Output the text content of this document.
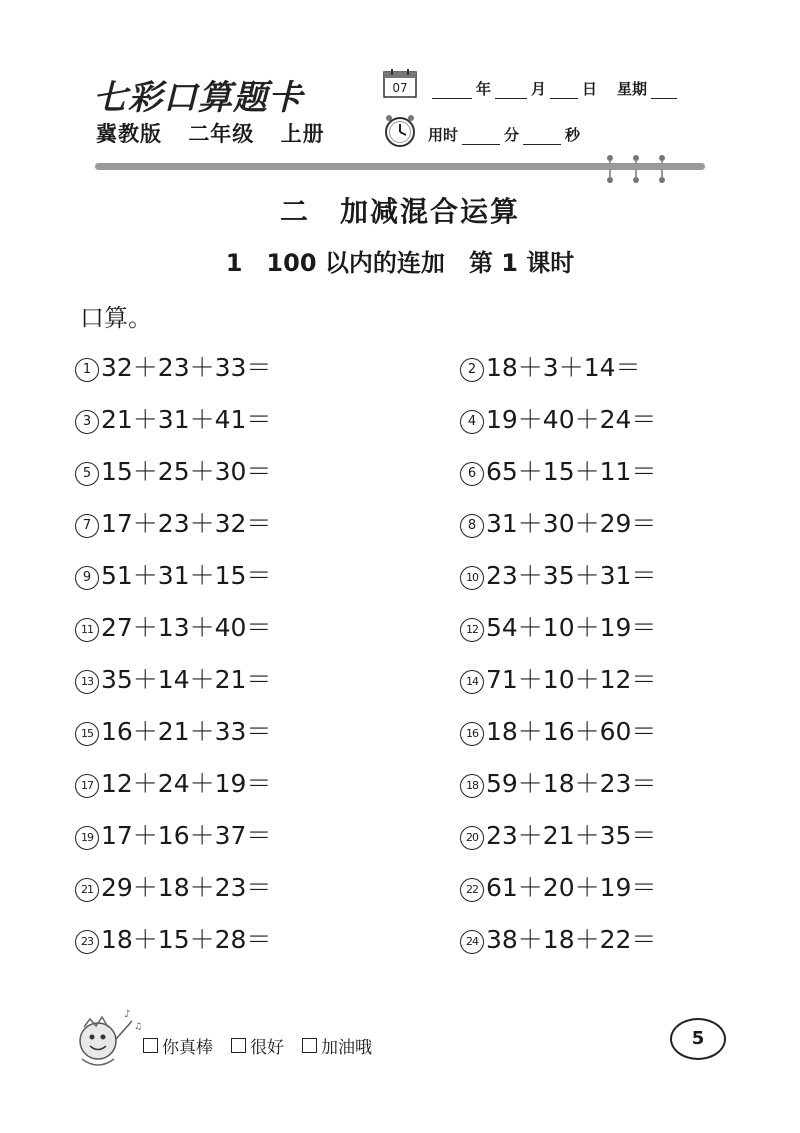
七彩口算题卡
冀教版 二年级 上册
07	年	月 日 星期
用时	分	秒
二　加减混合运算
1　100 以内的连加　第 1 课时
口算。
1 32＋23＋33＝	2 18＋3＋14＝
3 21＋31＋41＝	4 19＋40＋24＝
5 15＋25＋30＝	6 65＋15＋11＝
7 17＋23＋32＝	8 31＋30＋29＝
9 51＋31＋15＝	10 23＋35＋31＝
11 27＋13＋40＝	12 54＋10＋19＝
13 35＋14＋21＝	14 71＋10＋12＝
15 16＋21＋33＝	16 18＋16＋60＝
17 12＋24＋19＝	18 59＋18＋23＝
19 17＋16＋37＝	20 23＋21＋35＝
21 29＋18＋23＝	22 61＋20＋19＝
23 18＋15＋28＝	24 38＋18＋22＝
♪
♫
你真棒 很好 加油哦	5
